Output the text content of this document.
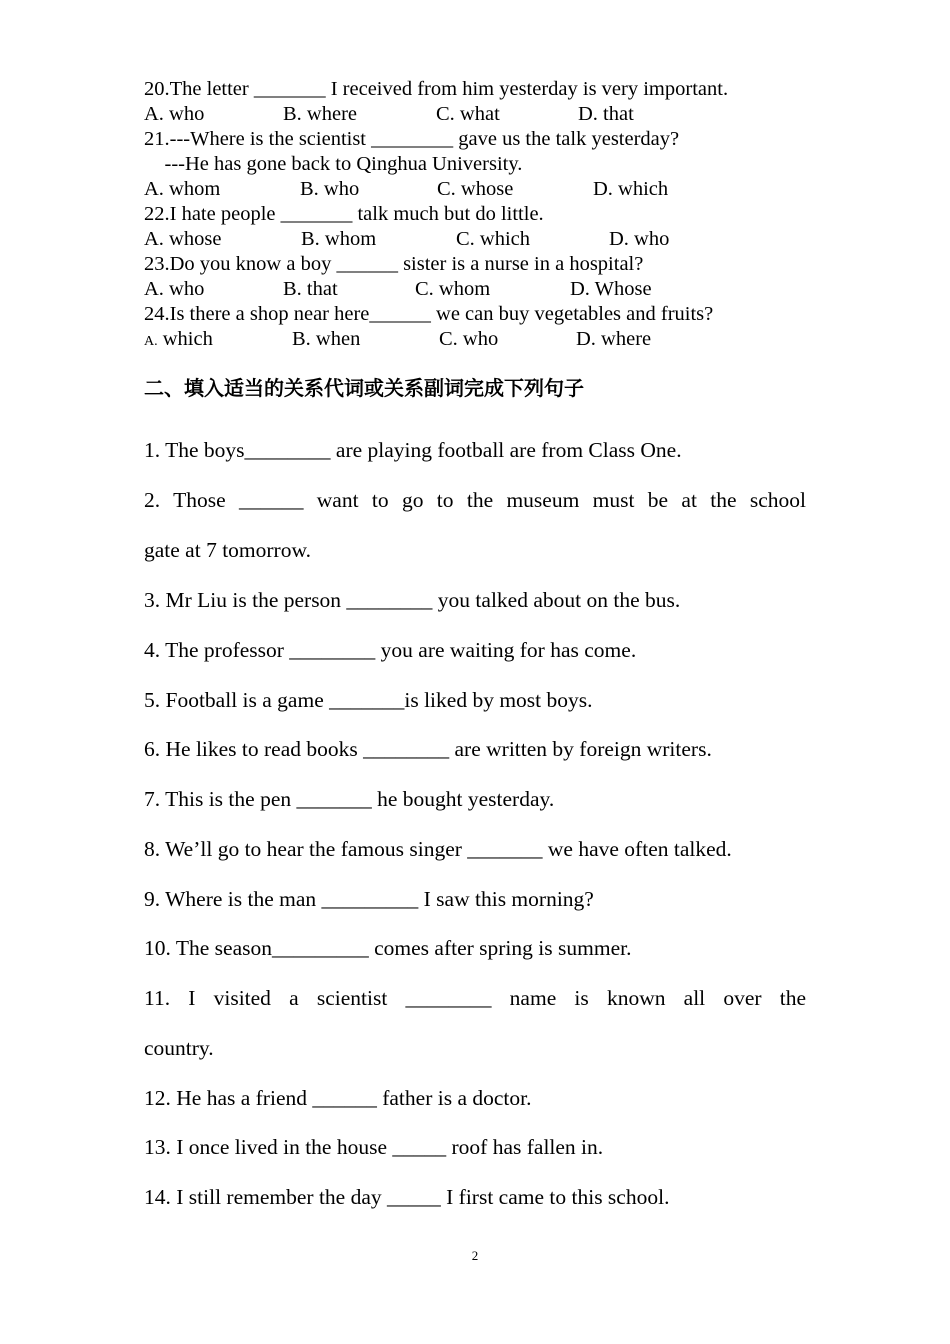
20.The letter _______ I received from him yesterday is very important.
A. who	B. where	C. what	D. that
21.---Where is the scientist ________ gave us the talk yesterday?
---He has gone back to Qinghua University.
A. whom	B. who	C. whose	D. which
22.I hate people _______ talk much but do little.
A. whose	B. whom	C. which	D. who
23.Do you know a boy ______ sister is a nurse in a hospital?
A. who	B. that	C. whom	D. Whose
24.Is there a shop near here______ we can buy vegetables and fruits?
A. which	B. when	C. who	D. where
二、填入适当的关系代词或关系副词完成下列句子
1. The boys________ are playing football are from Class One.
2. Those ______ want to go to the museum must be at the school
gate at 7 tomorrow.
3. Mr Liu is the person ________ you talked about on the bus.
4. The professor ________ you are waiting for has come.
5. Football is a game _______is liked by most boys.
6. He likes to read books ________ are written by foreign writers.
7. This is the pen _______ he bought yesterday.
8. We’ll go to hear the famous singer _______ we have often talked.
9. Where is the man _________ I saw this morning?
10. The season_________ comes after spring is summer.
11. I visited a scientist ________ name is known all over the
country.
12. He has a friend ______ father is a doctor.
13. I once lived in the house _____ roof has fallen in.
14. I still remember the day _____ I first came to this school.
2
